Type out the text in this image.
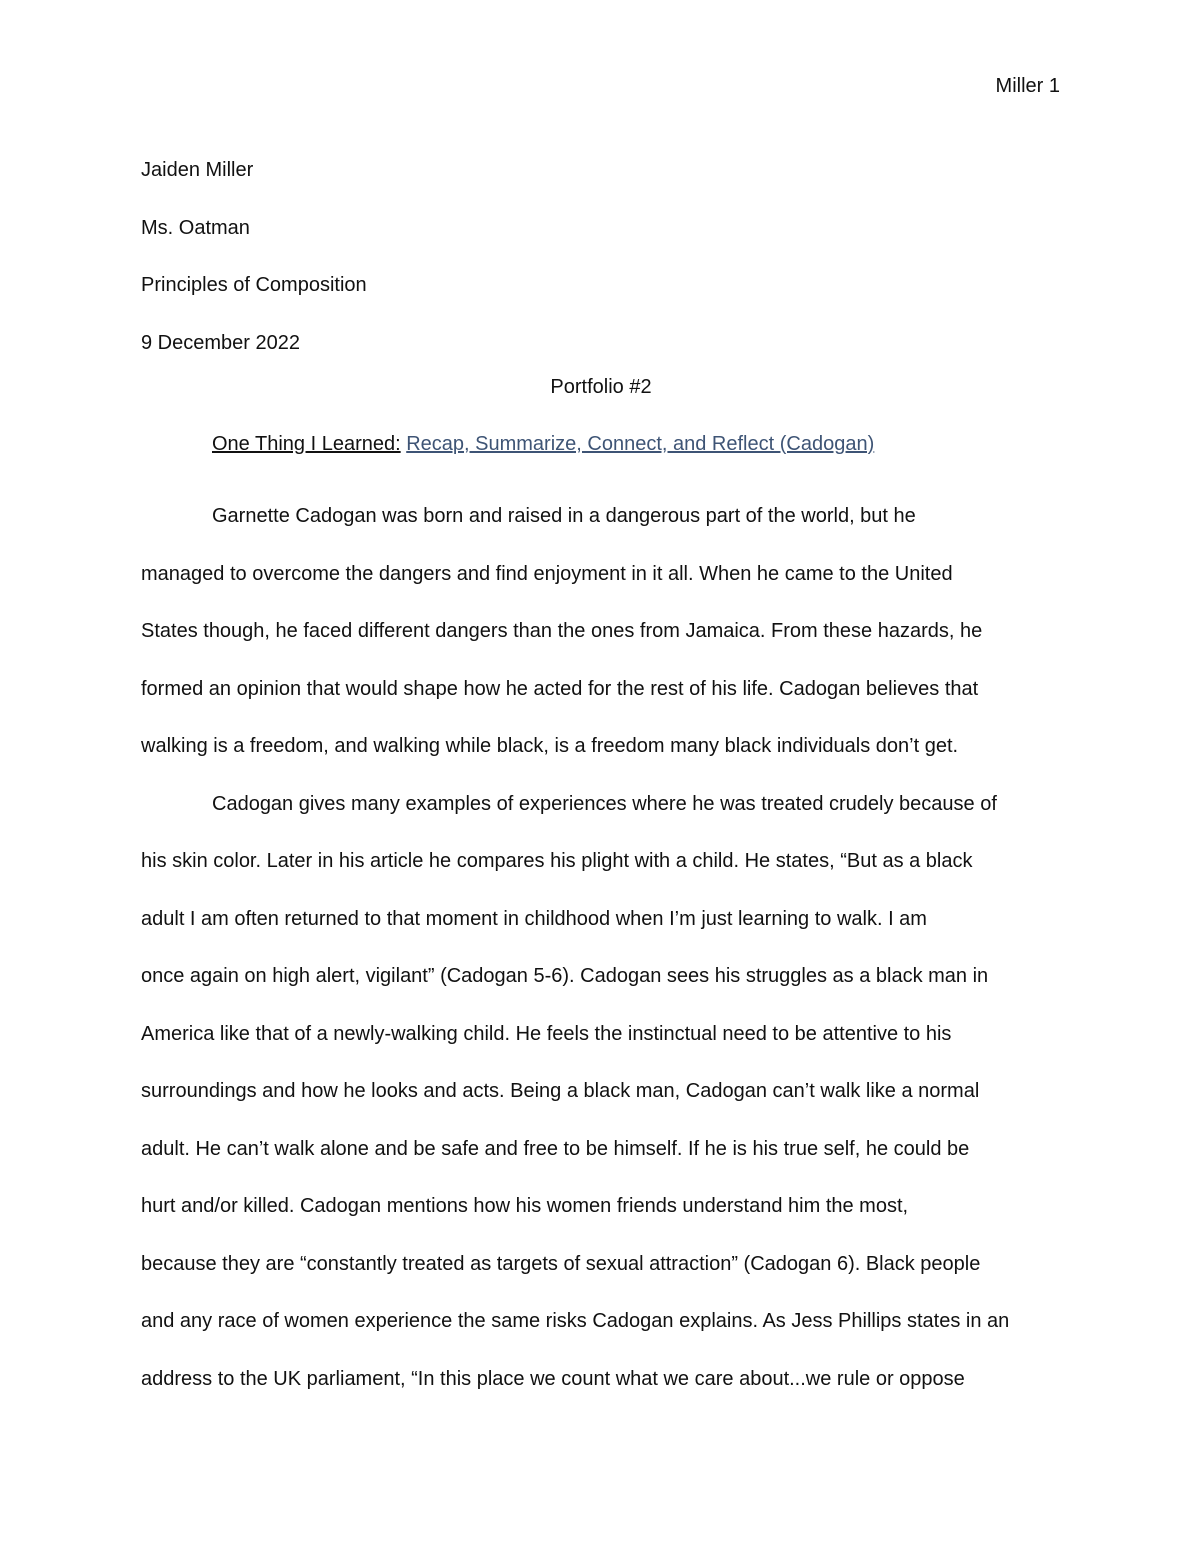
Miller 1
Jaiden Miller
Ms. Oatman
Principles of Composition
9 December 2022
Portfolio #2
One Thing I Learned: Recap, Summarize, Connect, and Reflect (Cadogan)
Garnette Cadogan was born and raised in a dangerous part of the world, but he
managed to overcome the dangers and find enjoyment in it all. When he came to the United
States though, he faced different dangers than the ones from Jamaica. From these hazards, he
formed an opinion that would shape how he acted for the rest of his life. Cadogan believes that
walking is a freedom, and walking while black, is a freedom many black individuals don’t get.
Cadogan gives many examples of experiences where he was treated crudely because of
his skin color. Later in his article he compares his plight with a child. He states, “But as a black
adult I am often returned to that moment in childhood when I’m just learning to walk. I am
once again on high alert, vigilant” (Cadogan 5-6). Cadogan sees his struggles as a black man in
America like that of a newly-walking child. He feels the instinctual need to be attentive to his
surroundings and how he looks and acts. Being a black man, Cadogan can’t walk like a normal
adult. He can’t walk alone and be safe and free to be himself. If he is his true self, he could be
hurt and/or killed. Cadogan mentions how his women friends understand him the most,
because they are “constantly treated as targets of sexual attraction” (Cadogan 6). Black people
and any race of women experience the same risks Cadogan explains. As Jess Phillips states in an
address to the UK parliament, “In this place we count what we care about...we rule or oppose
